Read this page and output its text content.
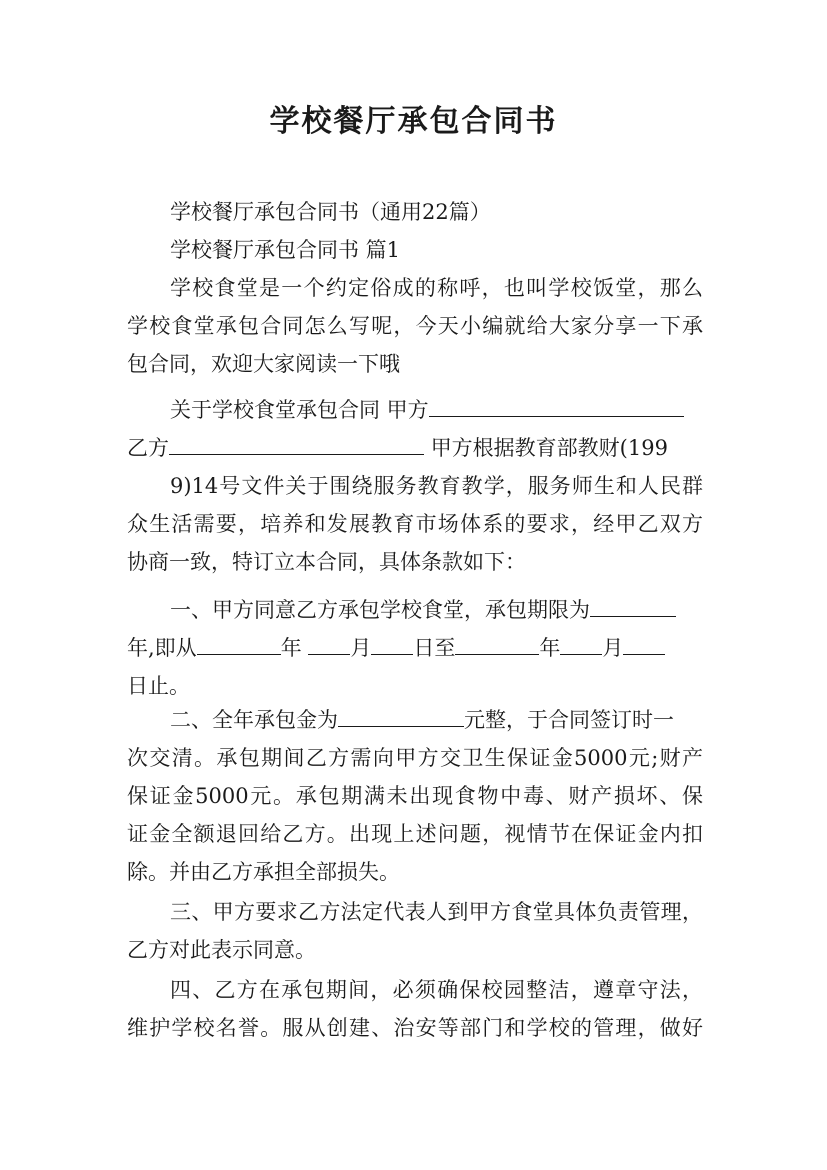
学校餐厅承包合同书
学校餐厅承包合同书（通用22篇）
学校餐厅承包合同书 篇1
学校食堂是一个约定俗成的称呼，也叫学校饭堂，那么
学校食堂承包合同怎么写呢，今天小编就给大家分享一下承
包合同，欢迎大家阅读一下哦
关于学校食堂承包合同 甲方
乙方	甲方根据教育部教财(199
9)14号文件关于围绕服务教育教学，服务师生和人民群
众生活需要，培养和发展教育市场体系的要求，经甲乙双方
协商一致，特订立本合同，具体条款如下：
一、甲方同意乙方承包学校食堂，承包期限为
年,即从	年 月 日至	年 月
日止。
二、全年承包金为	元整，于合同签订时一
次交清。承包期间乙方需向甲方交卫生保证金5000元;财产
保证金5000元。承包期满未出现食物中毒、财产损坏、保
证金全额退回给乙方。出现上述问题，视情节在保证金内扣
除。并由乙方承担全部损失。
三、甲方要求乙方法定代表人到甲方食堂具体负责管理，
乙方对此表示同意。
四、乙方在承包期间，必须确保校园整洁，遵章守法，
维护学校名誉。服从创建、治安等部门和学校的管理，做好
